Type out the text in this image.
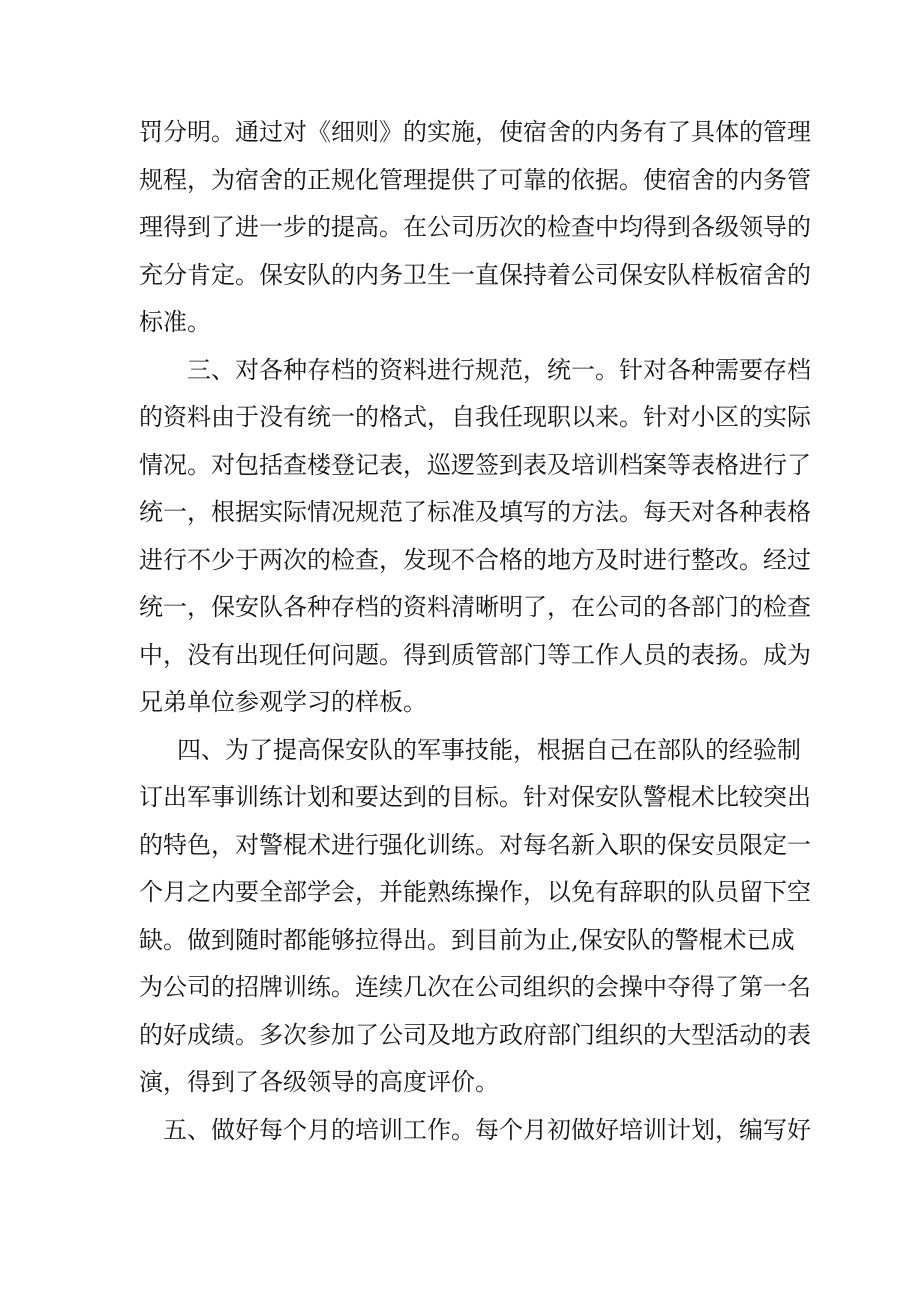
罚分明。通过对《细则》的实施，使宿舍的内务有了具体的管理
规程，为宿舍的正规化管理提供了可靠的依据。使宿舍的内务管
理得到了进一步的提高。在公司历次的检查中均得到各级领导的
充分肯定。保安队的内务卫生一直保持着公司保安队样板宿舍的
标准。
三、对各种存档的资料进行规范，统一。针对各种需要存档
的资料由于没有统一的格式，自我任现职以来。针对小区的实际
情况。对包括查楼登记表，巡逻签到表及培训档案等表格进行了
统一，根据实际情况规范了标准及填写的方法。每天对各种表格
进行不少于两次的检查，发现不合格的地方及时进行整改。经过
统一，保安队各种存档的资料清晰明了，在公司的各部门的检查
中，没有出现任何问题。得到质管部门等工作人员的表扬。成为
兄弟单位参观学习的样板。
四、为了提高保安队的军事技能，根据自己在部队的经验制
订出军事训练计划和要达到的目标。针对保安队警棍术比较突出
的特色，对警棍术进行强化训练。对每名新入职的保安员限定一
个月之内要全部学会，并能熟练操作，以免有辞职的队员留下空
缺。做到随时都能够拉得出。到目前为止,保安队的警棍术已成
为公司的招牌训练。连续几次在公司组织的会操中夺得了第一名
的好成绩。多次参加了公司及地方政府部门组织的大型活动的表
演，得到了各级领导的高度评价。
五、做好每个月的培训工作。每个月初做好培训计划，编写好
